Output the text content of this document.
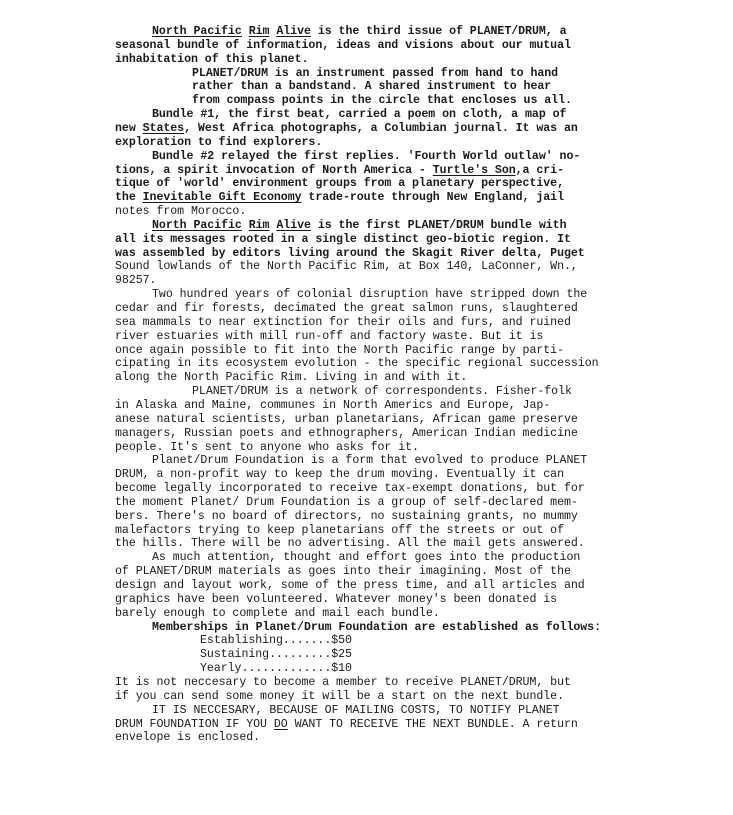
North Pacific Rim Alive is the third issue of PLANET/DRUM, a
seasonal bundle of information, ideas and visions about our mutual
inhabitation of this planet.
PLANET/DRUM is an instrument passed from hand to hand
rather than a bandstand. A shared instrument to hear
from compass points in the circle that encloses us all.
Bundle #1, the first beat, carried a poem on cloth, a map of
new States, West Africa photographs, a Columbian journal. It was an
exploration to find explorers.
Bundle #2 relayed the first replies. 'Fourth World outlaw' no-
tions, a spirit invocation of North America - Turtle's Son,a cri-
tique of 'world' environment groups from a planetary perspective,
the Inevitable Gift Economy trade-route through New England, jail
notes from Morocco.
North Pacific Rim Alive is the first PLANET/DRUM bundle with
all its messages rooted in a single distinct geo-biotic region. It
was assembled by editors living around the Skagit River delta, Puget
Sound lowlands of the North Pacific Rim, at Box 140, LaConner, Wn.,
98257.
Two hundred years of colonial disruption have stripped down the
cedar and fir forests, decimated the great salmon runs, slaughtered
sea mammals to near extinction for their oils and furs, and ruined
river estuaries with mill run-off and factory waste. But it is
once again possible to fit into the North Pacific range by parti-
cipating in its ecosystem evolution - the specific regional succession
along the North Pacific Rim. Living in and with it.
PLANET/DRUM is a network of correspondents. Fisher-folk
in Alaska and Maine, communes in North Americs and Europe, Jap-
anese natural scientists, urban planetarians, African game preserve
managers, Russian poets and ethnographers, American Indian medicine
people. It's sent to anyone who asks for it.
Planet/Drum Foundation is a form that evolved to produce PLANET
DRUM, a non-profit way to keep the drum moving. Eventually it can
become legally incorporated to receive tax-exempt donations, but for
the moment Planet/ Drum Foundation is a group of self-declared mem-
bers. There's no board of directors, no sustaining grants, no mummy
malefactors trying to keep planetarians off the streets or out of
the hills. There will be no advertising. All the mail gets answered.
As much attention, thought and effort goes into the production
of PLANET/DRUM materials as goes into their imagining. Most of the
design and layout work, some of the press time, and all articles and
graphics have been volunteered. Whatever money's been donated is
barely enough to complete and mail each bundle.
Memberships in Planet/Drum Foundation are established as follows:
Establishing.......$50
Sustaining.........$25
Yearly.............$10
It is not neccesary to become a member to receive PLANET/DRUM, but
if you can send some money it will be a start on the next bundle.
IT IS NECCESARY, BECAUSE OF MAILING COSTS, TO NOTIFY PLANET
DRUM FOUNDATION IF YOU DO WANT TO RECEIVE THE NEXT BUNDLE. A return
envelope is enclosed.
